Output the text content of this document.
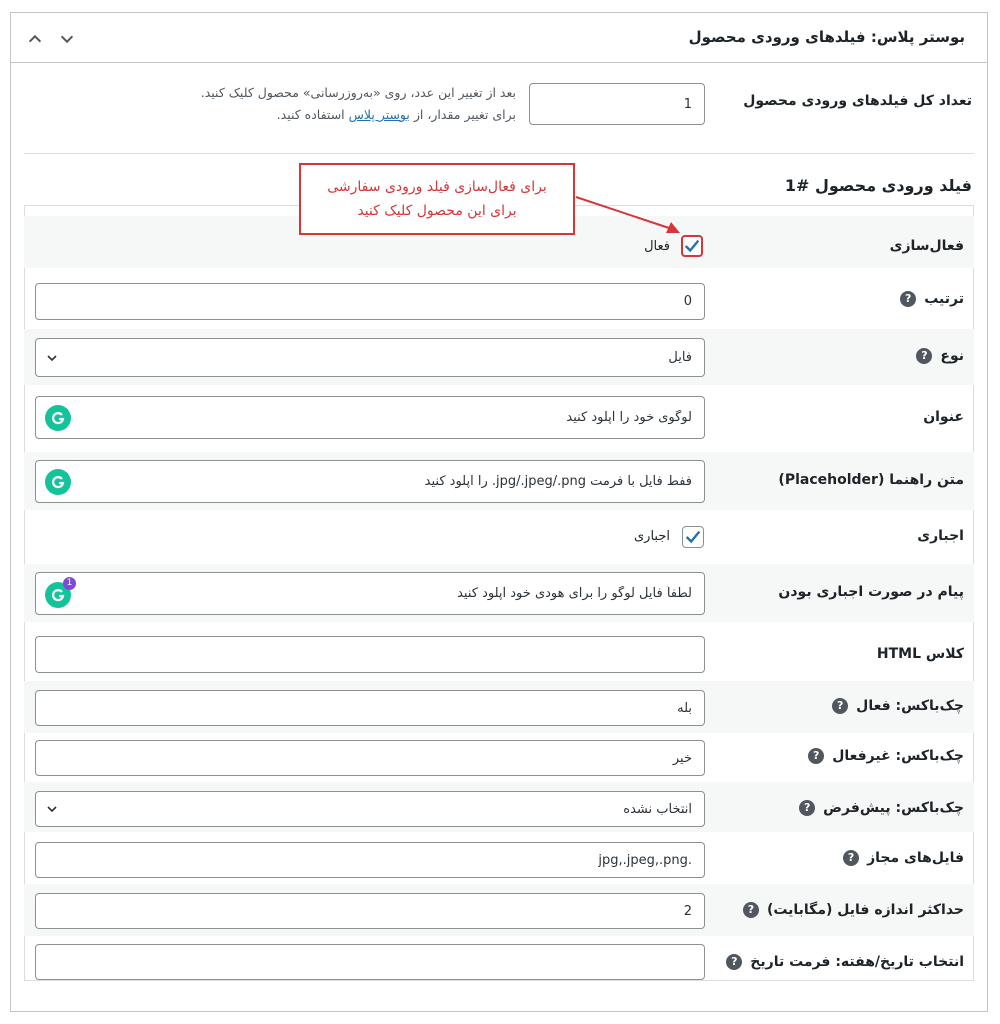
بوستر پلاس: فیلدهای ورودی محصول
تعداد کل فیلدهای ورودی محصول
1
بعد از تغییر این عدد، روی «به‌روزرسانی» محصول کلیک کنید.
برای تغییر مقدار، از بوستر پلاس استفاده کنید.
فیلد ورودی محصول #1
فعال‌سازی
فعال
برای فعال‌سازی فیلد ورودی سفارشی
برای این محصول کلیک کنید
ترتیب
?
0
نوع
?
فایل
عنوان
لوگوی خود را آپلود کنید
متن راهنما (Placeholder)
ففط فایل با فرمت jpg/.jpeg/.png. را آپلود کنید
اجباری
اجباری
پیام در صورت اجباری بودن
لطفاً فایل لوگو را برای هودی خود آپلود کنید
1
کلاس HTML
چک‌باکس: فعال
?
بله
چک‌باکس: غیرفعال
?
خیر
چک‌باکس: پیش‌فرض
?
انتخاب نشده
فایل‌های مجاز
?
.jpg,.jpeg,.png
حداکثر اندازه فایل (مگابایت)
?
2
انتخاب تاریخ/هفته: فرمت تاریخ
?
